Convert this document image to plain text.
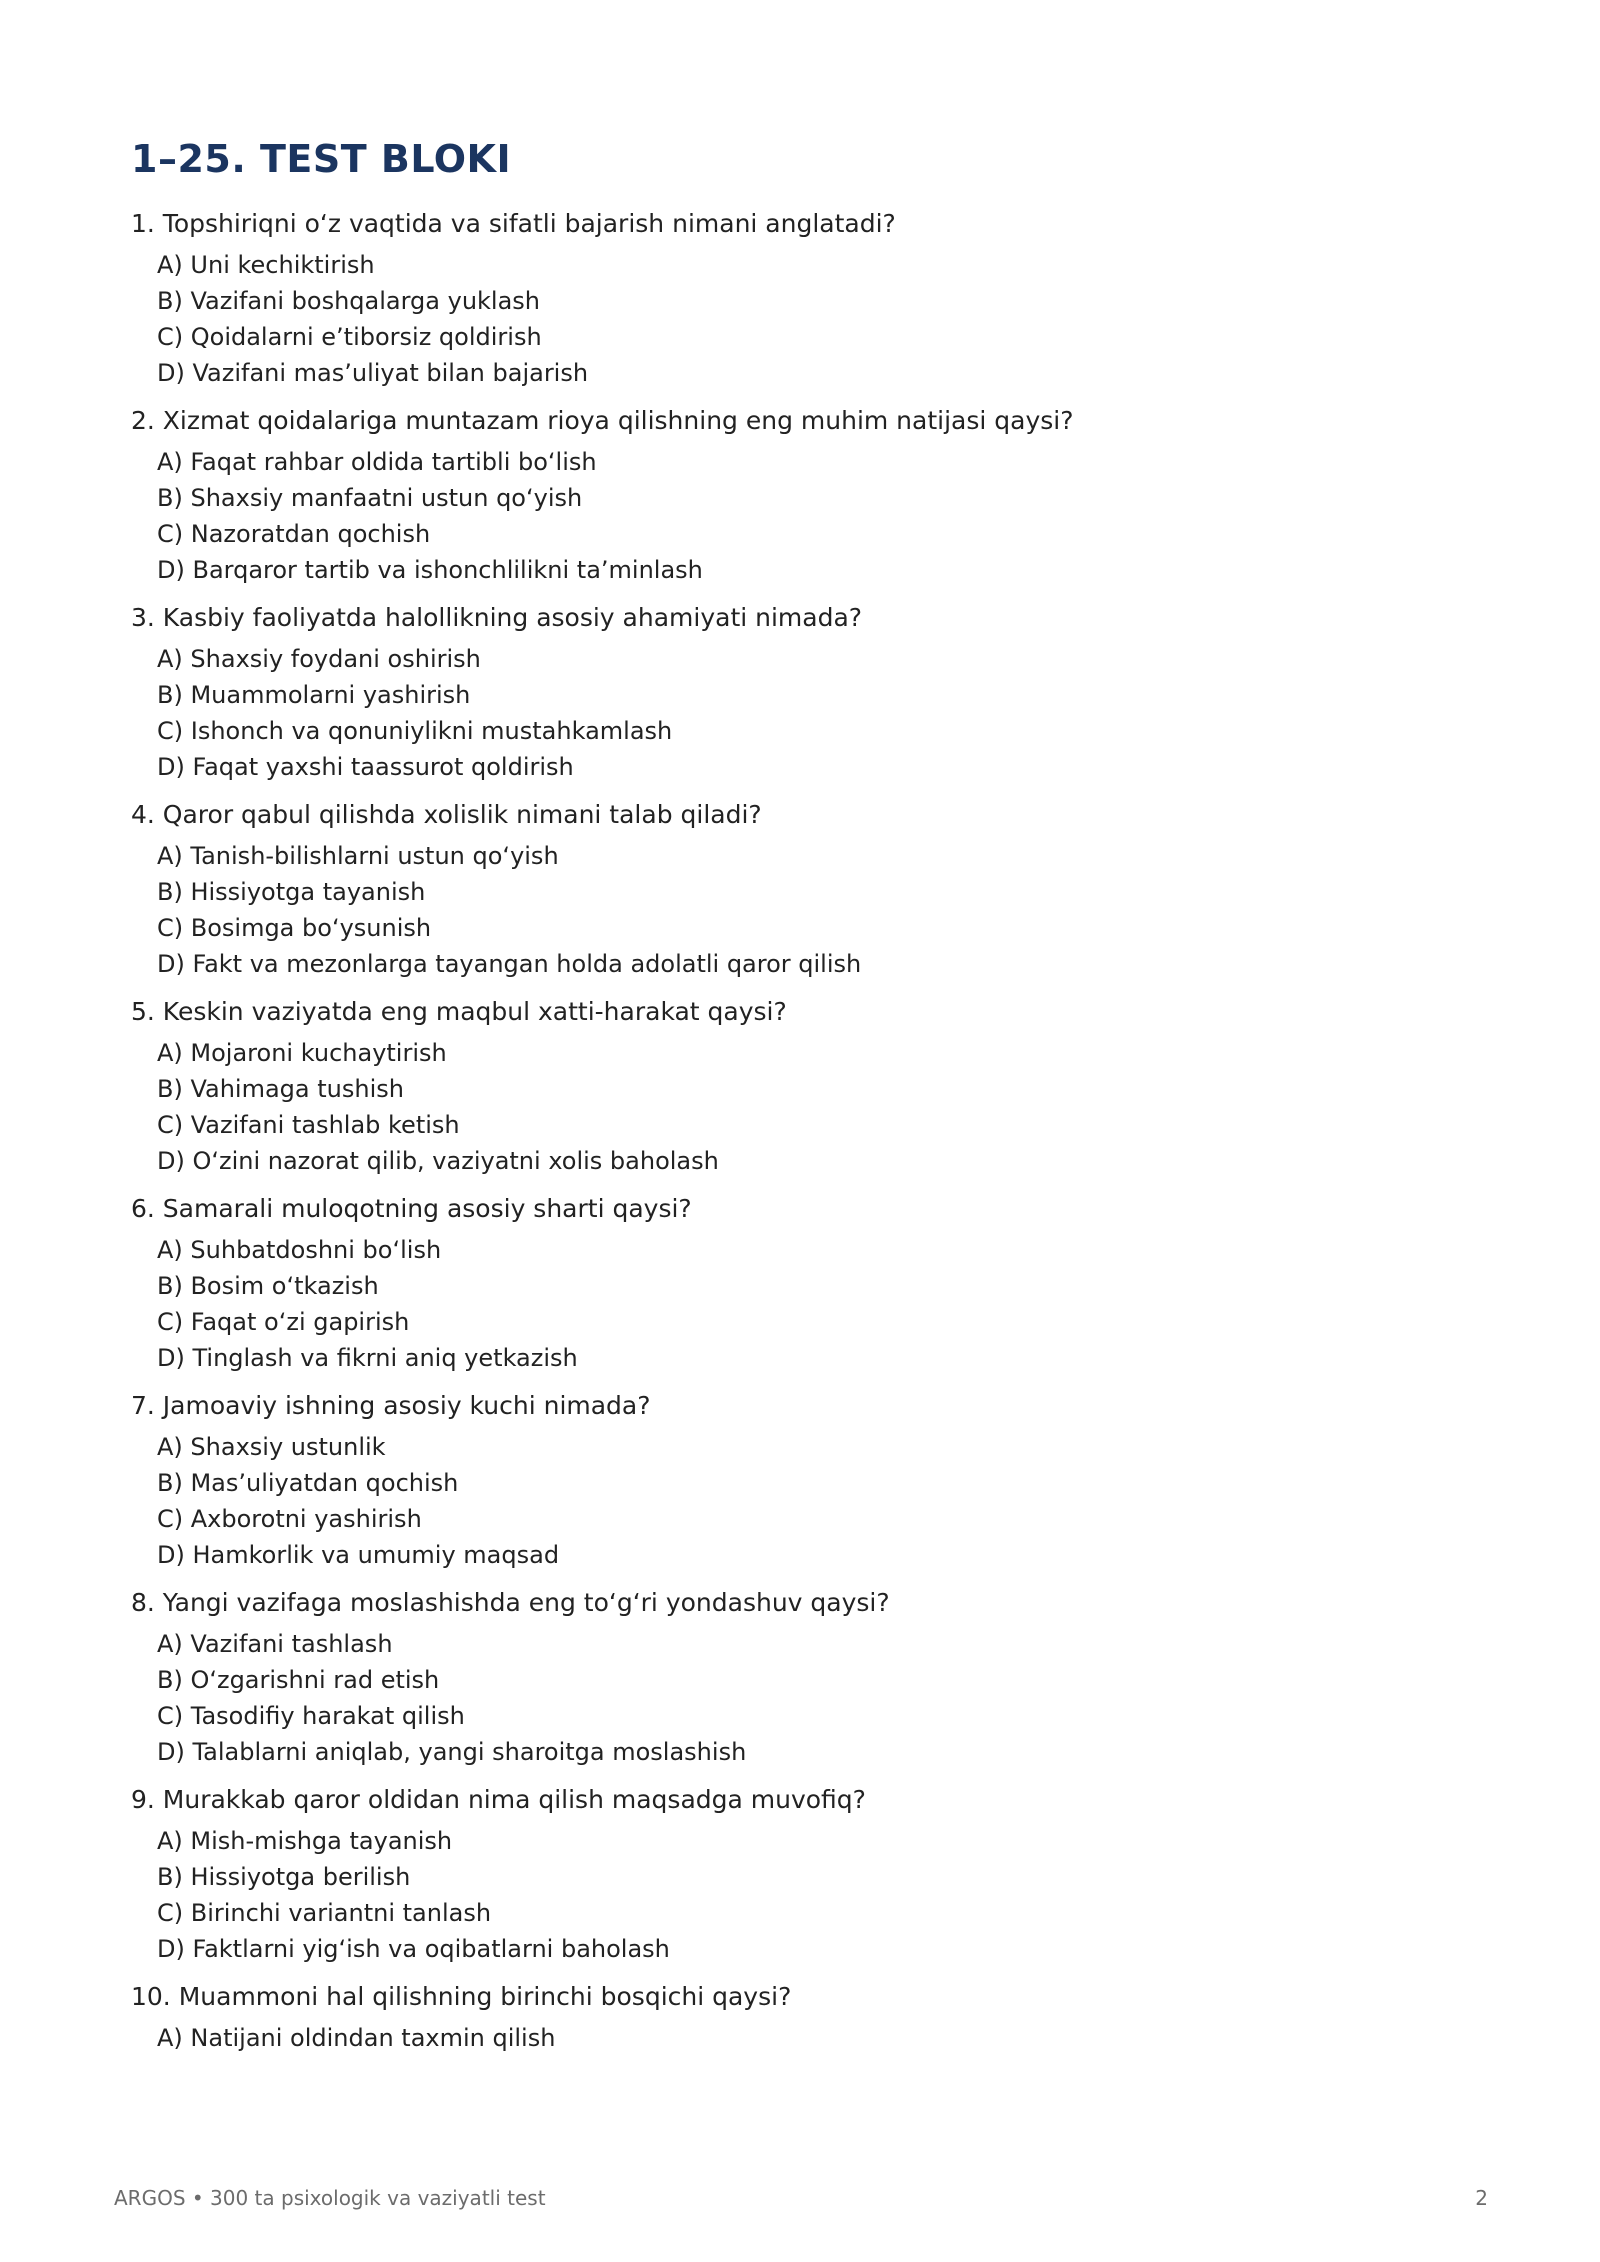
1–25. TEST BLOKI
1. Topshiriqni o‘z vaqtida va sifatli bajarish nimani anglatadi?
A) Uni kechiktirish
B) Vazifani boshqalarga yuklash
C) Qoidalarni e’tiborsiz qoldirish
D) Vazifani mas’uliyat bilan bajarish
2. Xizmat qoidalariga muntazam rioya qilishning eng muhim natijasi qaysi?
A) Faqat rahbar oldida tartibli bo‘lish
B) Shaxsiy manfaatni ustun qo‘yish
C) Nazoratdan qochish
D) Barqaror tartib va ishonchlilikni ta’minlash
3. Kasbiy faoliyatda halollikning asosiy ahamiyati nimada?
A) Shaxsiy foydani oshirish
B) Muammolarni yashirish
C) Ishonch va qonuniylikni mustahkamlash
D) Faqat yaxshi taassurot qoldirish
4. Qaror qabul qilishda xolislik nimani talab qiladi?
A) Tanish-bilishlarni ustun qo‘yish
B) Hissiyotga tayanish
C) Bosimga bo‘ysunish
D) Fakt va mezonlarga tayangan holda adolatli qaror qilish
5. Keskin vaziyatda eng maqbul xatti-harakat qaysi?
A) Mojaroni kuchaytirish
B) Vahimaga tushish
C) Vazifani tashlab ketish
D) O‘zini nazorat qilib, vaziyatni xolis baholash
6. Samarali muloqotning asosiy sharti qaysi?
A) Suhbatdoshni bo‘lish
B) Bosim o‘tkazish
C) Faqat o‘zi gapirish
D) Tinglash va fikrni aniq yetkazish
7. Jamoaviy ishning asosiy kuchi nimada?
A) Shaxsiy ustunlik
B) Mas’uliyatdan qochish
C) Axborotni yashirish
D) Hamkorlik va umumiy maqsad
8. Yangi vazifaga moslashishda eng to‘g‘ri yondashuv qaysi?
A) Vazifani tashlash
B) O‘zgarishni rad etish
C) Tasodifiy harakat qilish
D) Talablarni aniqlab, yangi sharoitga moslashish
9. Murakkab qaror oldidan nima qilish maqsadga muvofiq?
A) Mish-mishga tayanish
B) Hissiyotga berilish
C) Birinchi variantni tanlash
D) Faktlarni yig‘ish va oqibatlarni baholash
10. Muammoni hal qilishning birinchi bosqichi qaysi?
A) Natijani oldindan taxmin qilish
ARGOS • 300 ta psixologik va vaziyatli test	2
